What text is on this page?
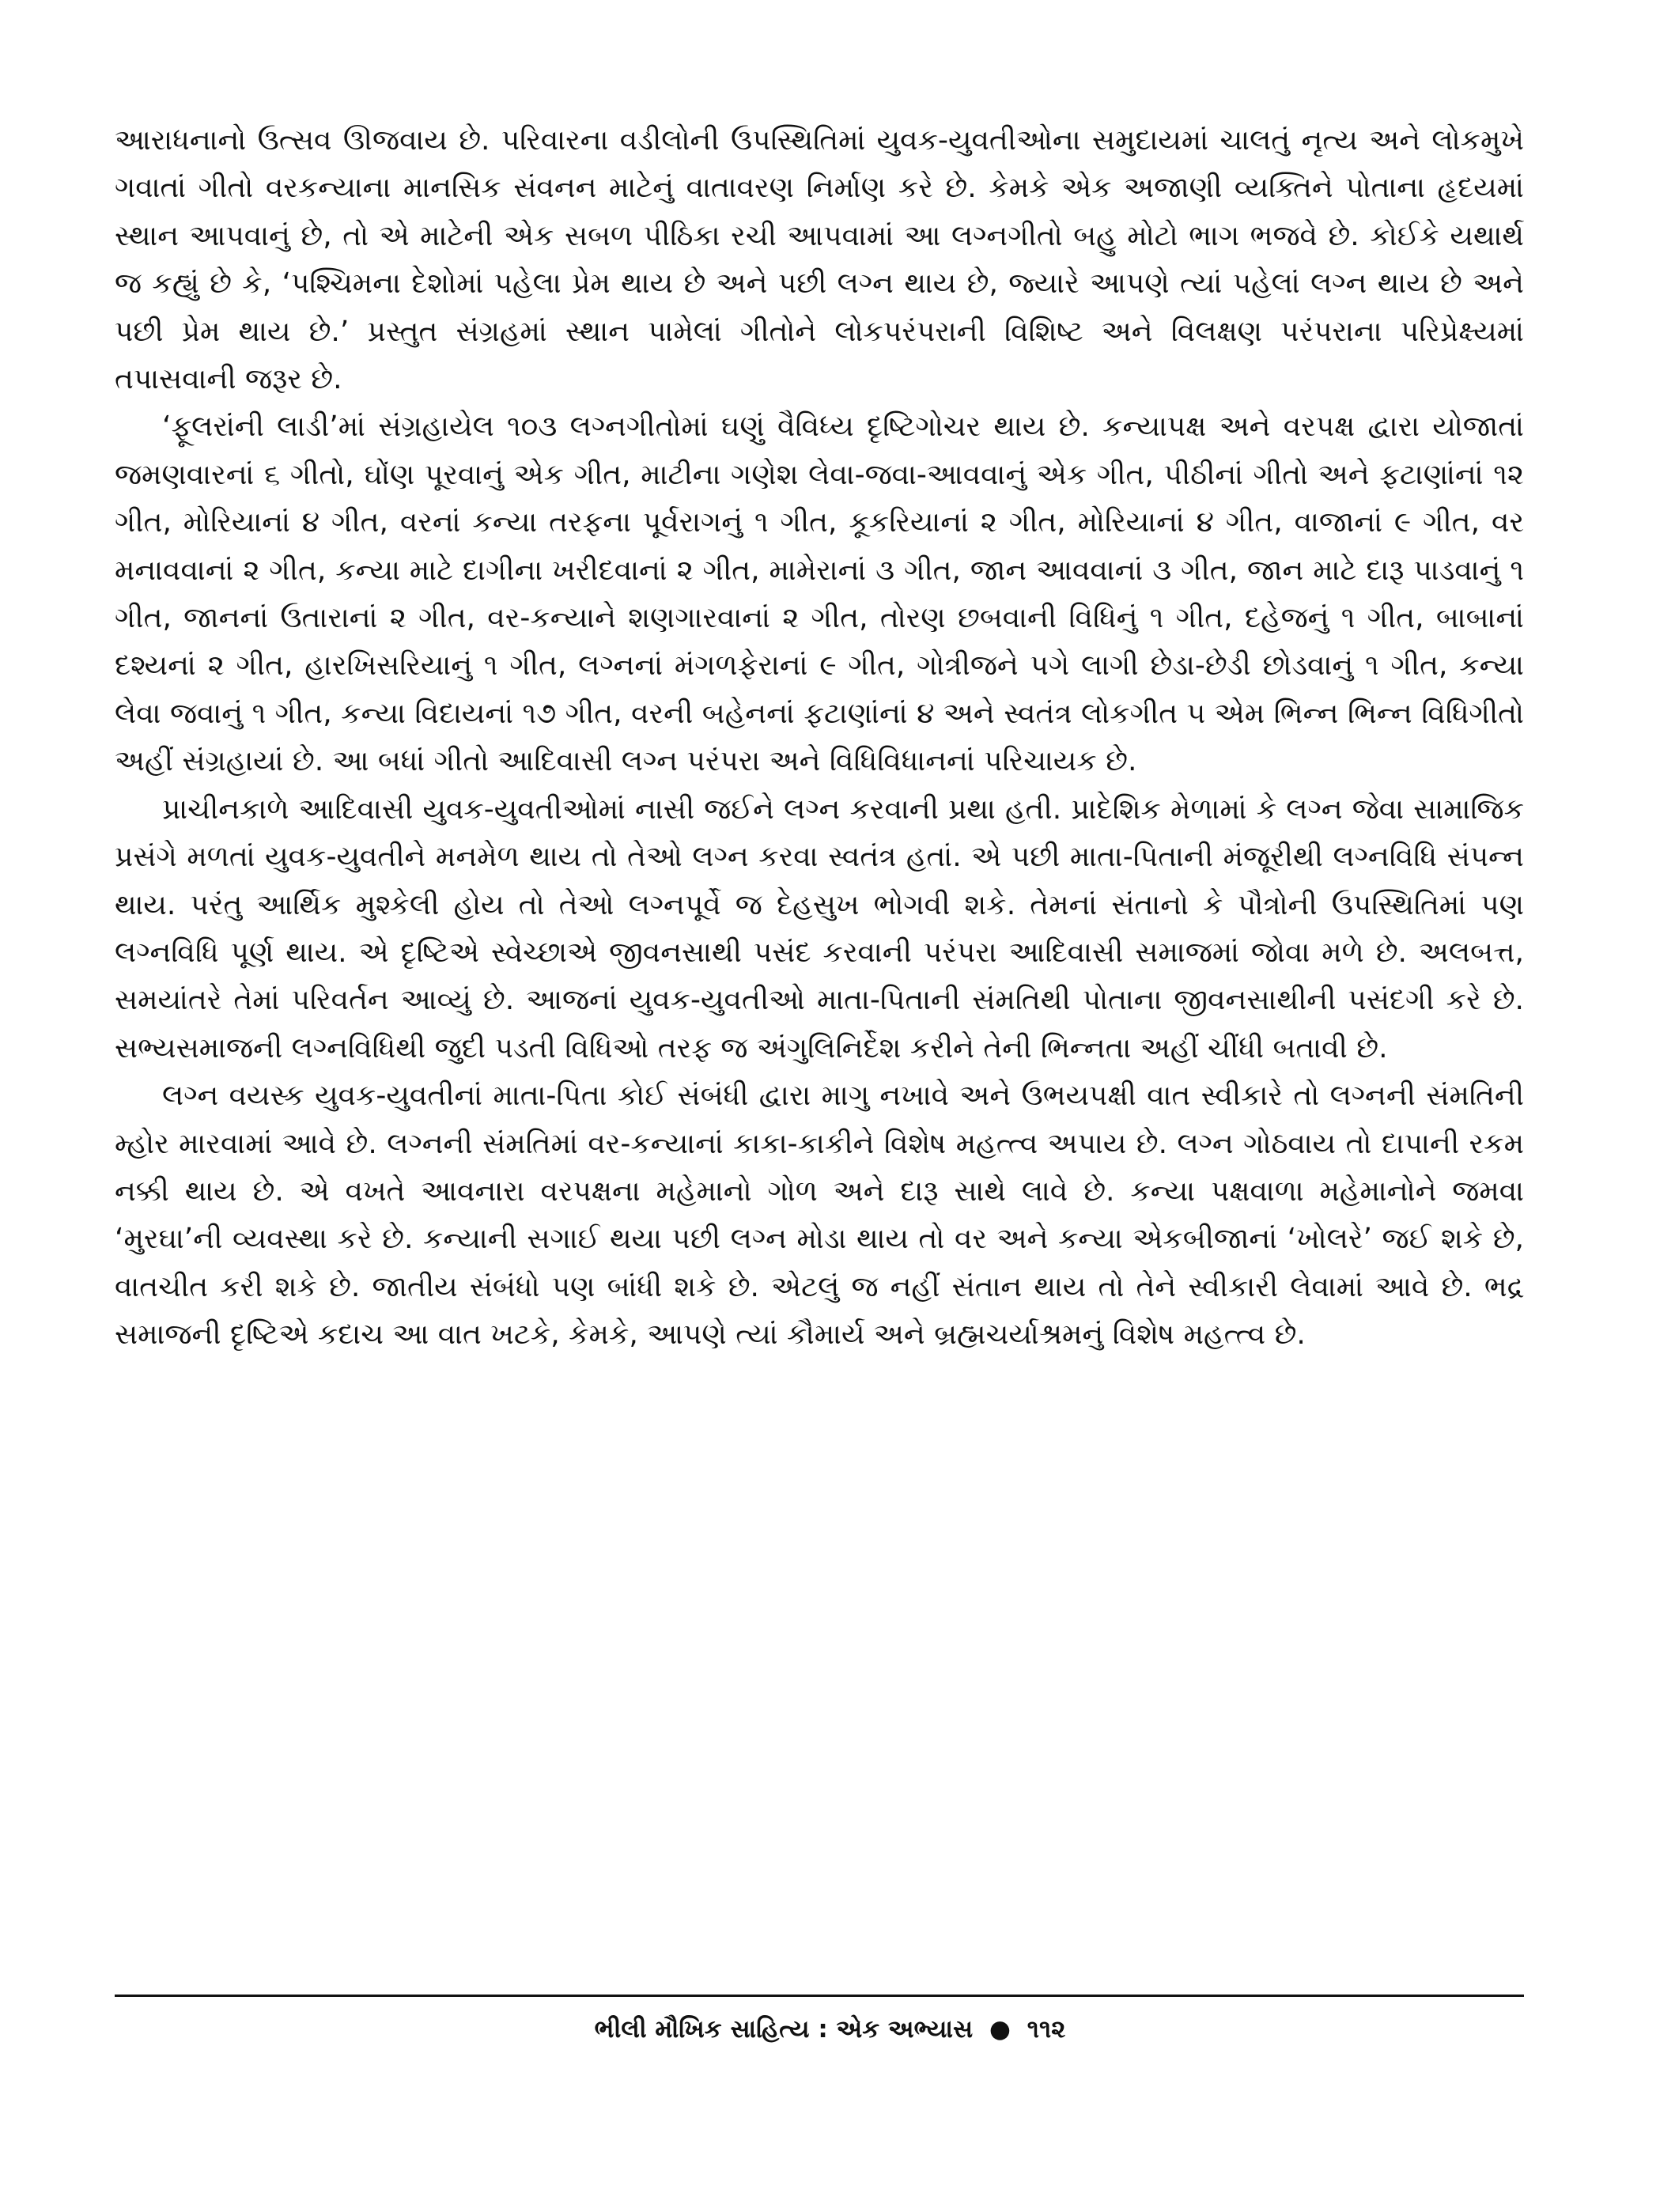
આરાધનાનો ઉત્સવ ઊજવાય છે. પરિવારના વડીલોની ઉપસ્થિતિમાં યુવક-યુવતીઓના સમુદાયમાં ચાલતું નૃત્ય અને લોકમુખે ગવાતાં ગીતો વરકન્યાના માનસિક સંવનન માટેનું વાતાવરણ નિર્માણ કરે છે. કેમકે એક અજાણી વ્યક્તિને પોતાના હૃદયમાં સ્થાન આપવાનું છે, તો એ માટેની એક સબળ પીઠિકા રચી આપવામાં આ લગ્નગીતો બહુ મોટો ભાગ ભજવે છે. કોઈકે યથાર્થ જ કહ્યું છે કે, ‘પશ્ચિમના દેશોમાં પહેલા પ્રેમ થાય છે અને પછી લગ્ન થાય છે, જ્યારે આપણે ત્યાં પહેલાં લગ્ન થાય છે અને પછી પ્રેમ થાય છે.’ પ્રસ્તુત સંગ્રહમાં સ્થાન પામેલાં ગીતોને લોકપરંપરાની વિશિષ્ટ અને વિલક્ષણ પરંપરાના પરિપ્રેક્ષ્યમાં તપાસવાની જરૂર છે.

‘ફૂલરાંની લાડી’માં સંગ્રહાયેલ ૧૦૩ લગ્નગીતોમાં ઘણું વૈવિધ્ય દૃષ્ટિગોચર થાય છે. કન્યાપક્ષ અને વરપક્ષ દ્વારા યોજાતાં જમણવારનાં ૬ ગીતો, ઘોંણ પૂરવાનું એક ગીત, માટીના ગણેશ લેવા-જવા-આવવાનું એક ગીત, પીઠીનાં ગીતો અને ફટાણાંનાં ૧૨ ગીત, મોરિયાનાં ૪ ગીત, વરનાં કન્યા તરફના પૂર્વરાગનું ૧ ગીત, કૂકરિયાનાં ૨ ગીત, મોરિયાનાં ૪ ગીત, વાજાનાં ૯ ગીત, વર મનાવવાનાં ૨ ગીત, કન્યા માટે દાગીના ખરીદવાનાં ૨ ગીત, મામેરાનાં ૩ ગીત, જાન આવવાનાં ૩ ગીત, જાન માટે દારૂ પાડવાનું ૧ ગીત, જાનનાં ઉતારાનાં ૨ ગીત, વર-કન્યાને શણગારવાનાં ૨ ગીત, તોરણ છબવાની વિધિનું ૧ ગીત, દહેજનું ૧ ગીત, બાબાનાં દશ્યનાં ૨ ગીત, હારખિસરિયાનું ૧ ગીત, લગ્નનાં મંગળફેરાનાં ૯ ગીત, ગોત્રીજને પગે લાગી છેડા-છેડી છોડવાનું ૧ ગીત, કન્યા લેવા જવાનું ૧ ગીત, કન્યા વિદાયનાં ૧૭ ગીત, વરની બહેનનાં ફટાણાંનાં ૪ અને સ્વતંત્ર લોકગીત ૫ એમ ભિન્ન ભિન્ન વિધિગીતો અહીં સંગ્રહાયાં છે. આ બધાં ગીતો આદિવાસી લગ્ન પરંપરા અને વિધિવિધાનનાં પરિચાયક છે.

પ્રાચીનકાળે આદિવાસી યુવક-યુવતીઓમાં નાસી જઈને લગ્ન કરવાની પ્રથા હતી. પ્રાદેશિક મેળામાં કે લગ્ન જેવા સામાજિક પ્રસંગે મળતાં યુવક-યુવતીને મનમેળ થાય તો તેઓ લગ્ન કરવા સ્વતંત્ર હતાં. એ પછી માતા-પિતાની મંજૂરીથી લગ્નવિધિ સંપન્ન થાય. પરંતુ આર્થિક મુશ્કેલી હોય તો તેઓ લગ્નપૂર્વે જ દેહસુખ ભોગવી શકે. તેમનાં સંતાનો કે પૌત્રોની ઉપસ્થિતિમાં પણ લગ્નવિધિ પૂર્ણ થાય. એ દૃષ્ટિએ સ્વેચ્છાએ જીવનસાથી પસંદ કરવાની પરંપરા આદિવાસી સમાજમાં જોવા મળે છે. અલબત્ત, સમયાંતરે તેમાં પરિવર્તન આવ્યું છે. આજનાં યુવક-યુવતીઓ માતા-પિતાની સંમતિથી પોતાના જીવનસાથીની પસંદગી કરે છે. સભ્યસમાજની લગ્નવિધિથી જુદી પડતી વિધિઓ તરફ જ અંગુલિનિર્દેશ કરીને તેની ભિન્નતા અહીં ચીંધી બતાવી છે.

લગ્ન વયસ્ક યુવક-યુવતીનાં માતા-પિતા કોઈ સંબંધી દ્વારા માગુ નખાવે અને ઉભયપક્ષી વાત સ્વીકારે તો લગ્નની સંમતિની મ્હોર મારવામાં આવે છે. લગ્નની સંમતિમાં વર-કન્યાનાં કાકા-કાકીને વિશેષ મહત્ત્વ અપાય છે. લગ્ન ગોઠવાય તો દાપાની રકમ નક્કી થાય છે. એ વખતે આવનારા વરપક્ષના મહેમાનો ગોળ અને દારૂ સાથે લાવે છે. કન્યા પક્ષવાળા મહેમાનોને જમવા ‘મુરઘા’ની વ્યવસ્થા કરે છે. કન્યાની સગાઈ થયા પછી લગ્ન મોડા થાય તો વર અને કન્યા એકબીજાનાં ‘ખોલરે’ જઈ શકે છે, વાતચીત કરી શકે છે. જાતીય સંબંધો પણ બાંધી શકે છે. એટલું જ નહીં સંતાન થાય તો તેને સ્વીકારી લેવામાં આવે છે. ભદ્ર સમાજની દૃષ્ટિએ કદાચ આ વાત ખટકે, કેમકે, આપણે ત્યાં કૌમાર્ય અને બ્રહ્મચર્યાશ્રમનું વિશેષ મહત્ત્વ છે.

ભીલી મૌખિક સાહિત્ય : એક અભ્યાસ ● ૧૧૨
